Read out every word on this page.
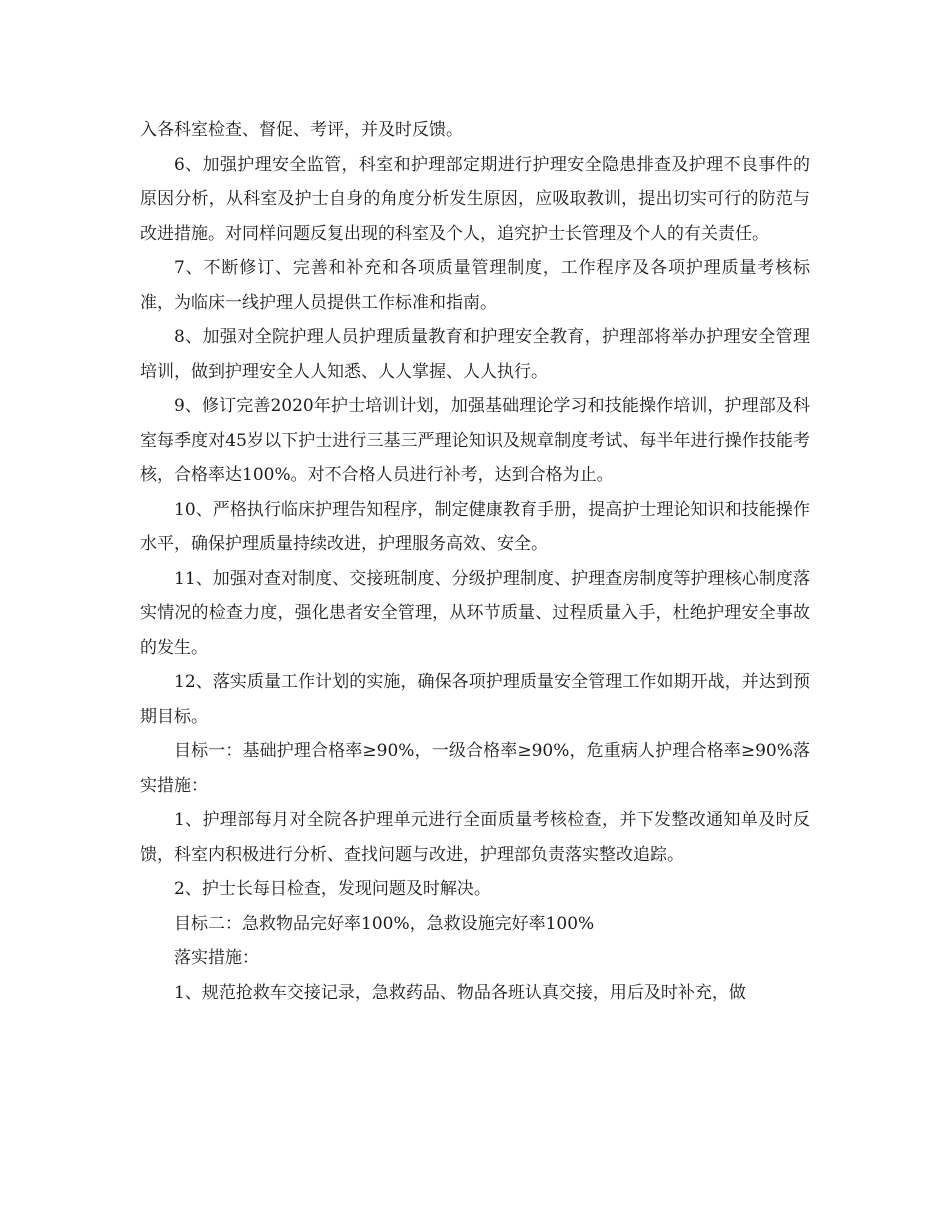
入各科室检查、督促、考评，并及时反馈。

6、加强护理安全监管，科室和护理部定期进行护理安全隐患排查及护理不良事件的原因分析，从科室及护士自身的角度分析发生原因，应吸取教训，提出切实可行的防范与改进措施。对同样问题反复出现的科室及个人，追究护士长管理及个人的有关责任。

7、不断修订、完善和补充和各项质量管理制度，工作程序及各项护理质量考核标准，为临床一线护理人员提供工作标准和指南。

8、加强对全院护理人员护理质量教育和护理安全教育，护理部将举办护理安全管理培训，做到护理安全人人知悉、人人掌握、人人执行。

9、修订完善2020年护士培训计划，加强基础理论学习和技能操作培训，护理部及科室每季度对45岁以下护士进行三基三严理论知识及规章制度考试、每半年进行操作技能考核，合格率达100%。对不合格人员进行补考，达到合格为止。

10、严格执行临床护理告知程序，制定健康教育手册，提高护士理论知识和技能操作水平，确保护理质量持续改进，护理服务高效、安全。

11、加强对查对制度、交接班制度、分级护理制度、护理查房制度等护理核心制度落实情况的检查力度，强化患者安全管理，从环节质量、过程质量入手，杜绝护理安全事故的发生。

12、落实质量工作计划的实施，确保各项护理质量安全管理工作如期开战，并达到预期目标。

目标一：基础护理合格率≥90%，一级合格率≥90%，危重病人护理合格率≥90%落实措施：

1、护理部每月对全院各护理单元进行全面质量考核检查，并下发整改通知单及时反馈，科室内积极进行分析、查找问题与改进，护理部负责落实整改追踪。

2、护士长每日检查，发现问题及时解决。

目标二：急救物品完好率100%，急救设施完好率100%

落实措施：

1、规范抢救车交接记录，急救药品、物品各班认真交接，用后及时补充，做
